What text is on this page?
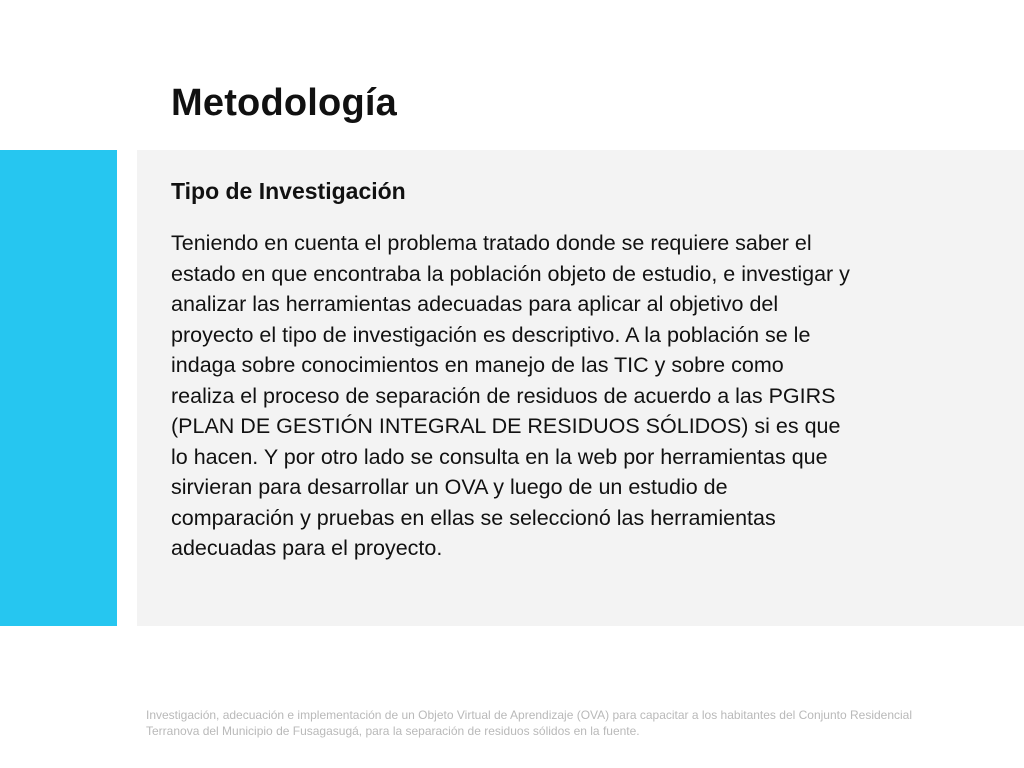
Metodología
Tipo de Investigación

Teniendo en cuenta el problema tratado donde se requiere saber el
estado en que encontraba la población objeto de estudio, e investigar y
analizar las herramientas adecuadas para aplicar al objetivo del
proyecto el tipo de investigación es descriptivo. A la población se le
indaga sobre conocimientos en manejo de las TIC y sobre como
realiza el proceso de separación de residuos de acuerdo a las PGIRS
(PLAN DE GESTIÓN INTEGRAL DE RESIDUOS SÓLIDOS) si es que
lo hacen. Y por otro lado se consulta en la web por herramientas que
sirvieran para desarrollar un OVA y luego de un estudio de
comparación y pruebas en ellas se seleccionó las herramientas
adecuadas para el proyecto.

Investigación, adecuación e implementación de un Objeto Virtual de Aprendizaje (OVA) para capacitar a los habitantes del Conjunto Residencial
Terranova del Municipio de Fusagasugá, para la separación de residuos sólidos en la fuente.
